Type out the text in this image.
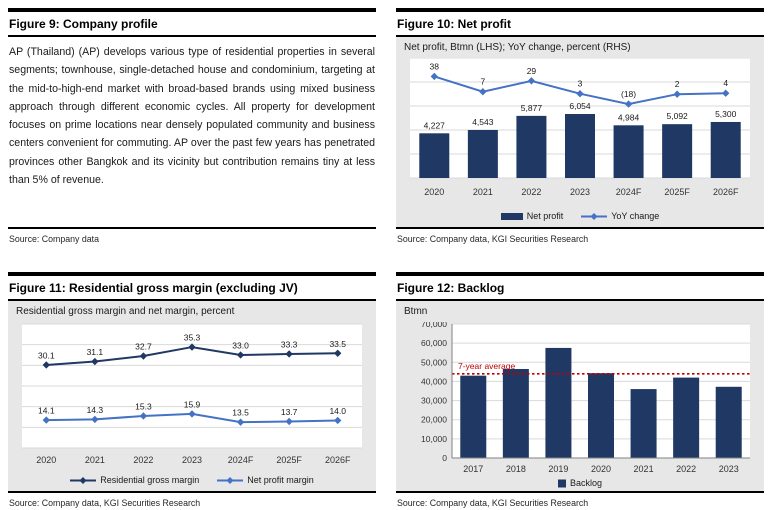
Figure 9: Company profile
AP (Thailand) (AP) develops various type of residential properties in several segments; townhouse, single-detached house and condominium, targeting at the mid-to-high-end market with broad-based brands using mixed business approach through different economic cycles. All property for development focuses on prime locations near densely populated community and business centers convenient for commuting. AP over the past few years has penetrated provinces other Bangkok and its vicinity but contribution remains tiny at less than 5% of revenue.
Source: Company data
Figure 10: Net profit
Net profit, Btmn (LHS); YoY change, percent (RHS)
4,227	4,543
5,877	6,054
4,984	5,092	5,300
38
7
29
3
(18)
2	4
2020	2021	2022	2023	2024F	2025F	2026F
Net profit	YoY change
Source: Company data, KGI Securities Research
Figure 11: Residential gross margin (excluding JV)
Residential gross margin and net margin, percent
30.1	31.1
32.7
35.3
33.0	33.3	33.5
14.1	14.3	15.3	15.9
13.5	13.7	14.0
2020	2021	2022	2023	2024F	2025F	2026F
Residential gross margin	Net profit margin
Source: Company data, KGI Securities Research
Figure 12: Backlog
Btmn
0
10,000
20,000
30,000
40,000
50,000
60,000
70,000
7-year average
2017	2018	2019	2020	2021	2022	2023
Backlog
Source: Company data, KGI Securities Research
